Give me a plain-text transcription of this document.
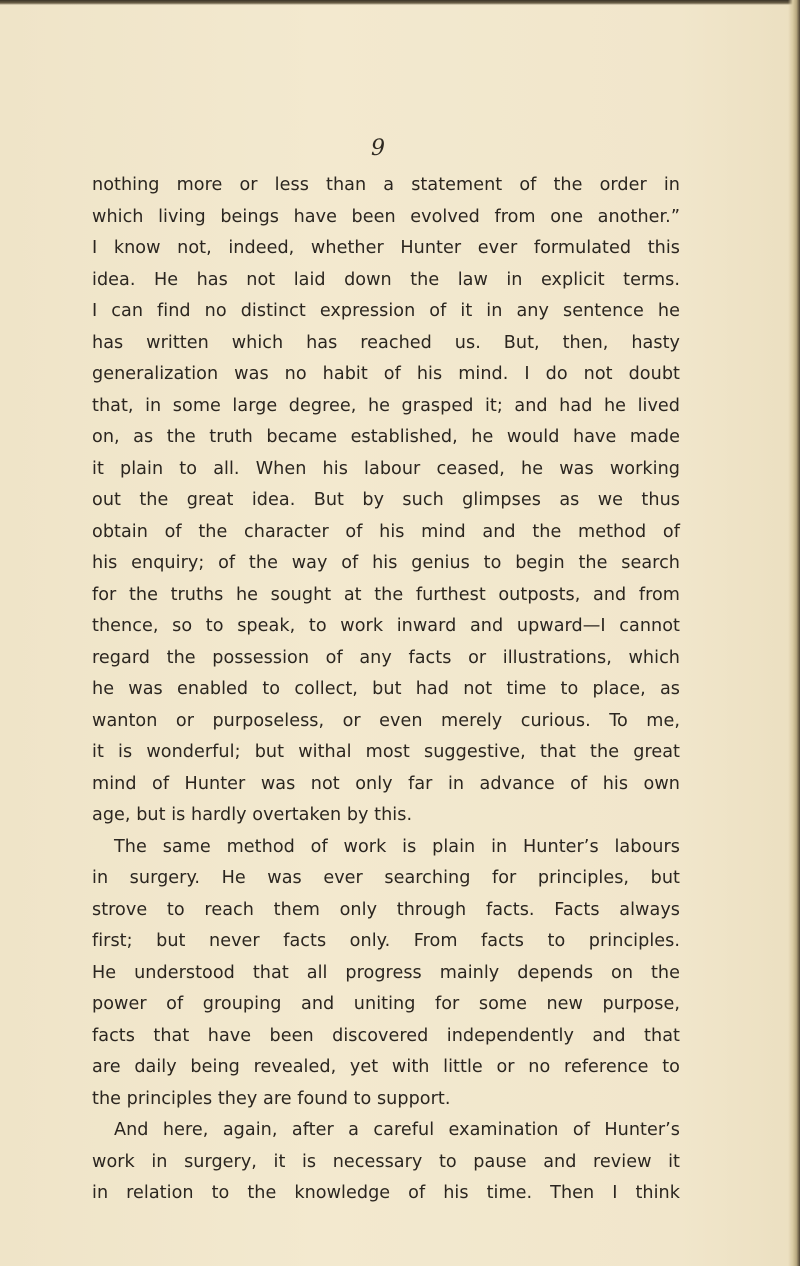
9
nothing more or less than a statement of the order in
which living beings have been evolved from one another.”
I know not, indeed, whether Hunter ever formulated this
idea. He has not laid down the law in explicit terms.
I can find no distinct expression of it in any sentence he
has written which has reached us. But, then, hasty
generalization was no habit of his mind. I do not doubt
that, in some large degree, he grasped it; and had he lived
on, as the truth became established, he would have made
it plain to all. When his labour ceased, he was working
out the great idea. But by such glimpses as we thus
obtain of the character of his mind and the method of
his enquiry; of the way of his genius to begin the search
for the truths he sought at the furthest outposts, and from
thence, so to speak, to work inward and upward—I cannot
regard the possession of any facts or illustrations, which
he was enabled to collect, but had not time to place, as
wanton or purposeless, or even merely curious. To me,
it is wonderful; but withal most suggestive, that the great
mind of Hunter was not only far in advance of his own
age, but is hardly overtaken by this.
The same method of work is plain in Hunter’s labours
in surgery. He was ever searching for principles, but
strove to reach them only through facts. Facts always
first; but never facts only. From facts to principles.
He understood that all progress mainly depends on the
power of grouping and uniting for some new purpose,
facts that have been discovered independently and that
are daily being revealed, yet with little or no reference to
the principles they are found to support.
And here, again, after a careful examination of Hunter’s
work in surgery, it is necessary to pause and review it
in relation to the knowledge of his time. Then I think
